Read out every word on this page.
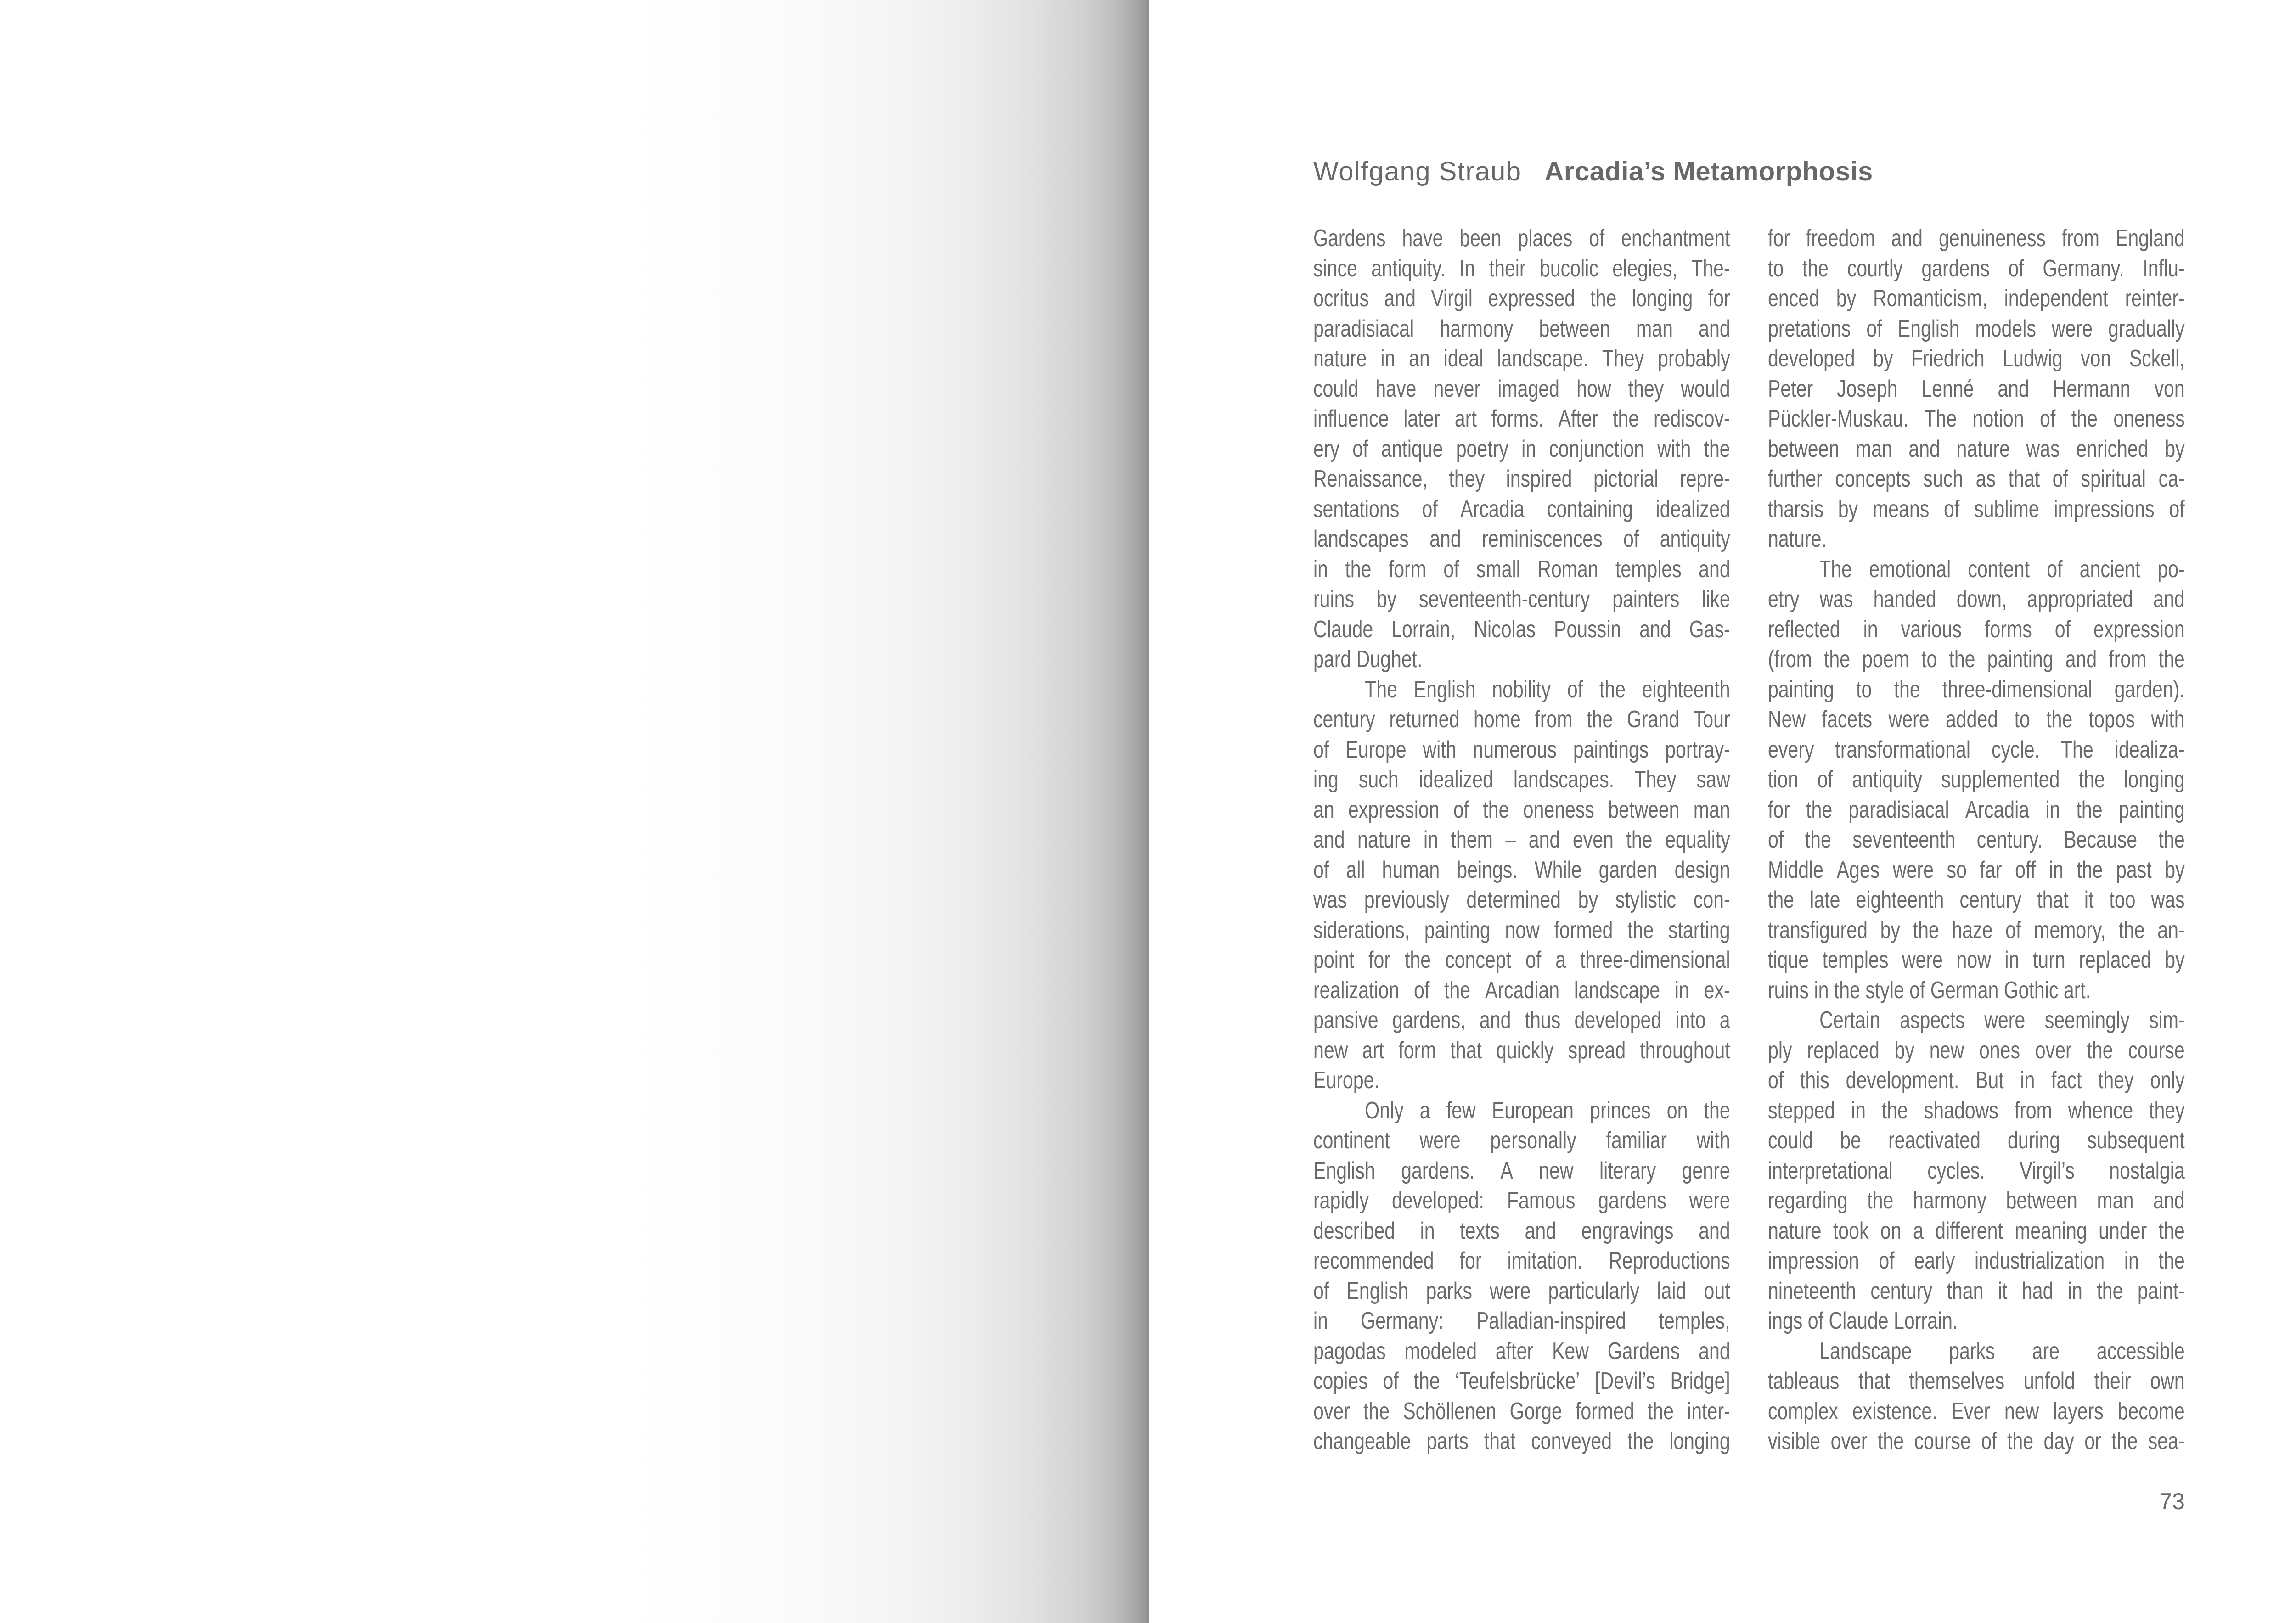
Wolfgang Straub Arcadia’s Metamorphosis
Gardens have been places of enchantment
since antiquity. In their bucolic elegies, The-
ocritus and Virgil expressed the longing for
paradisiacal harmony between man and
nature in an ideal landscape. They probably
could have never imaged how they would
influence later art forms. After the rediscov-
ery of antique poetry in conjunction with the
Renaissance, they inspired pictorial repre-
sentations of Arcadia containing idealized
landscapes and reminiscences of antiquity
in the form of small Roman temples and
ruins by seventeenth-century painters like
Claude Lorrain, Nicolas Poussin and Gas-
pard Dughet.
The English nobility of the eighteenth
century returned home from the Grand Tour
of Europe with numerous paintings portray-
ing such idealized landscapes. They saw
an expression of the oneness between man
and nature in them – and even the equality
of all human beings. While garden design
was previously determined by stylistic con-
siderations, painting now formed the starting
point for the concept of a three-dimensional
realization of the Arcadian landscape in ex-
pansive gardens, and thus developed into a
new art form that quickly spread throughout
Europe.
Only a few European princes on the
continent were personally familiar with
English gardens. A new literary genre
rapidly developed: Famous gardens were
described in texts and engravings and
recommended for imitation. Reproductions
of English parks were particularly laid out
in Germany: Palladian-inspired temples,
pagodas modeled after Kew Gardens and
copies of the ‘Teufelsbrücke’ [Devil’s Bridge]
over the Schöllenen Gorge formed the inter-
changeable parts that conveyed the longing
for freedom and genuineness from England
to the courtly gardens of Germany. Influ-
enced by Romanticism, independent reinter-
pretations of English models were gradually
developed by Friedrich Ludwig von Sckell,
Peter Joseph Lenné and Hermann von
Pückler-Muskau. The notion of the oneness
between man and nature was enriched by
further concepts such as that of spiritual ca-
tharsis by means of sublime impressions of
nature.
The emotional content of ancient po-
etry was handed down, appropriated and
reflected in various forms of expression
(from the poem to the painting and from the
painting to the three-dimensional garden).
New facets were added to the topos with
every transformational cycle. The idealiza-
tion of antiquity supplemented the longing
for the paradisiacal Arcadia in the painting
of the seventeenth century. Because the
Middle Ages were so far off in the past by
the late eighteenth century that it too was
transfigured by the haze of memory, the an-
tique temples were now in turn replaced by
ruins in the style of German Gothic art.
Certain aspects were seemingly sim-
ply replaced by new ones over the course
of this development. But in fact they only
stepped in the shadows from whence they
could be reactivated during subsequent
interpretational cycles. Virgil’s nostalgia
regarding the harmony between man and
nature took on a different meaning under the
impression of early industrialization in the
nineteenth century than it had in the paint-
ings of Claude Lorrain.
Landscape parks are accessible
tableaus that themselves unfold their own
complex existence. Ever new layers become
visible over the course of the day or the sea-
73
